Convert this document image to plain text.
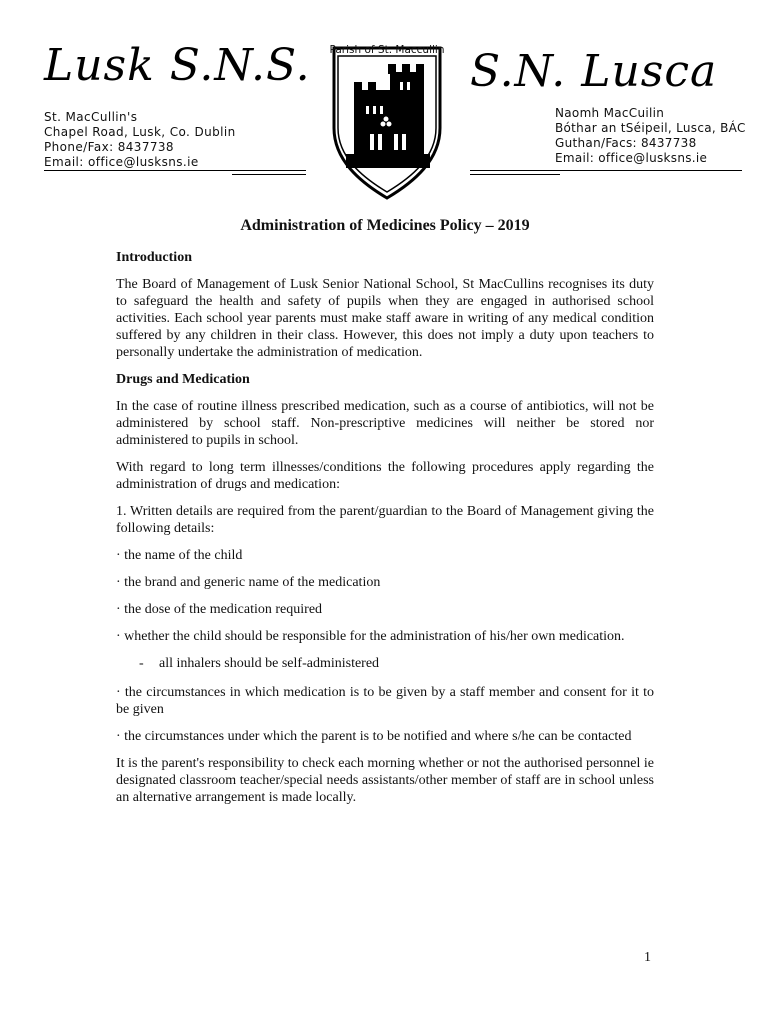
Lusk S.N.S.	S.N. Lusca
St. MacCullin's
Chapel Road, Lusk, Co. Dublin
Phone/Fax: 8437738
Email: office@lusksns.ie
Naomh MacCuilin
Bóthar an tSéipeil, Lusca, BÁC
Guthan/Facs: 8437738
Email: office@lusksns.ie
Parish of St. Maccullin
Administration of Medicines Policy – 2019

Introduction

The Board of Management of Lusk Senior National School, St MacCullins recognises its duty to safeguard the health and safety of pupils when they are engaged in authorised school activities. Each school year parents must make staff aware in writing of any medical condition suffered by any children in their class. However, this does not imply a duty upon teachers to personally undertake the administration of medication.

Drugs and Medication

In the case of routine illness prescribed medication, such as a course of antibiotics, will not be administered by school staff. Non-prescriptive medicines will neither be stored nor administered to pupils in school.

With regard to long term illnesses/conditions the following procedures apply regarding the administration of drugs and medication:

1. Written details are required from the parent/guardian to the Board of Management giving the following details:

· the name of the child

· the brand and generic name of the medication

· the dose of the medication required

· whether the child should be responsible for the administration of his/her own medication.

- all inhalers should be self-administered

· the circumstances in which medication is to be given by a staff member and consent for it to be given

· the circumstances under which the parent is to be notified and where s/he can be contacted

It is the parent's responsibility to check each morning whether or not the authorised personnel ie designated classroom teacher/special needs assistants/other member of staff are in school unless an alternative arrangement is made locally.

1
